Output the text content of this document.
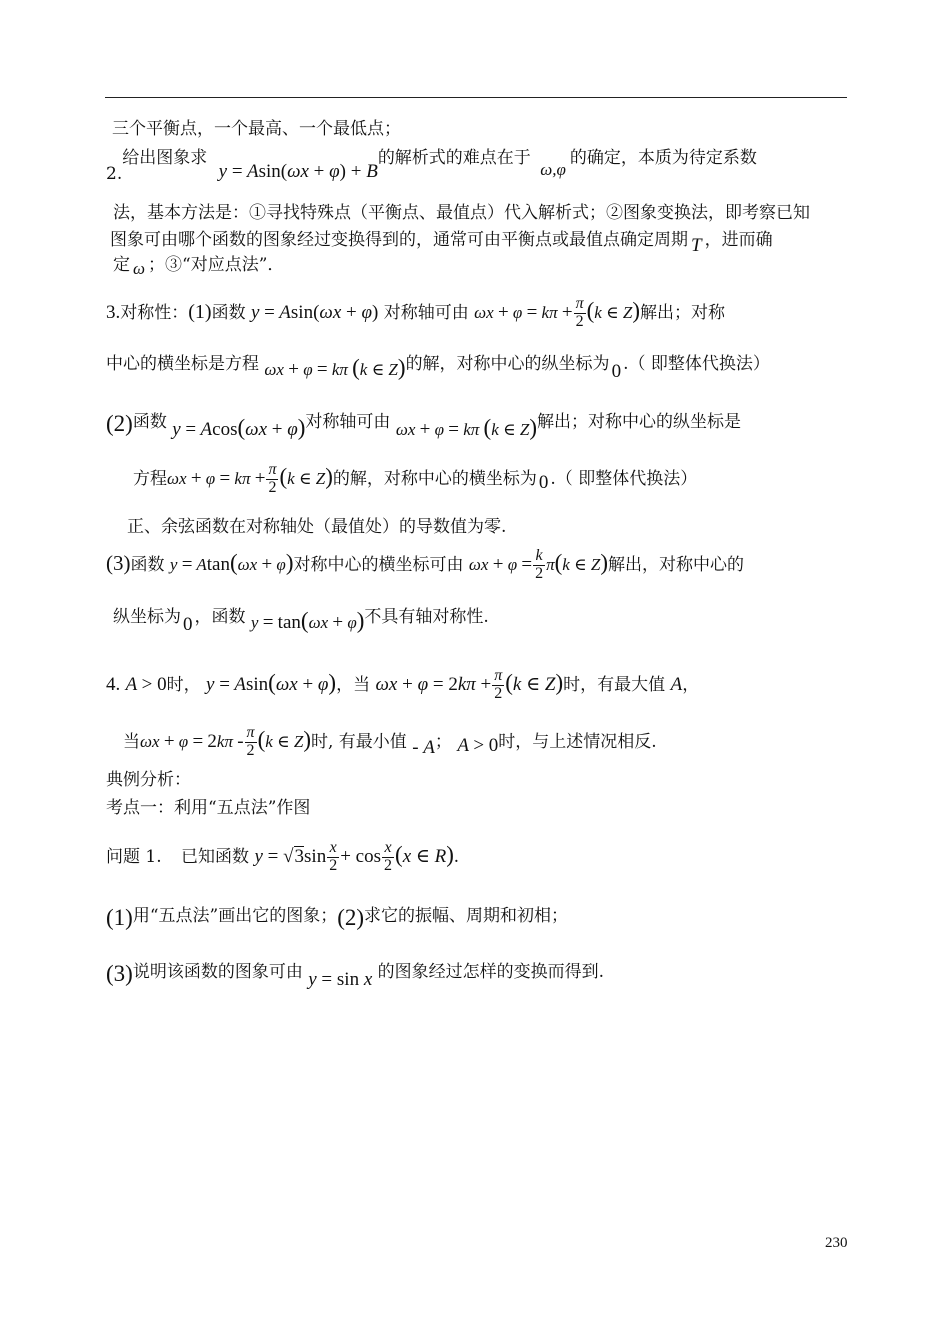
三个平衡点，一个最高、一个最低点；
2.给出图象求 y = Asin(ωx + φ) + B的解析式的难点在于 ω,φ的确定，本质为待定系数
法，基本方法是：①寻找特殊点（平衡点、最值点）代入解析式；②图象变换法，即考察已知
图象可由哪个函数的图象经过变换得到的，通常可由平衡点或最值点确定周期 T ，进而确
定 ω ；③“对应点法”．
3.对称性：(1)函数 y = Asin(ωx + φ) 对称轴可由 $\omega x + \varphi = k\pi + \frac{\pi}{2} (k$ ∈ Z)解出；对称
中心的横坐标是方程 ωx + φ = kπ (k ∈ Z)的解，对称中心的纵坐标为 0 .（ 即整体代换法）
(2)函数 y = Acos(ωx + φ)对称轴可由 ωx + φ = kπ (k ∈ Z)解出；对称中心的纵坐标是
方程$\omega x + \varphi = k\pi + \frac{\pi}{2} (k$ ∈ Z)的解，对称中心的横坐标为 0 .（ 即整体代换法）
正、余弦函数在对称轴处（最值处）的导数值为零.
(3)函数 y = Atan(ωx + φ)对称中心的横坐标可由 $\omega x + \varphi = \frac{k}{2} \pi(k$ ∈ Z)解出，对称中心的
纵坐标为 0 ，函数 y = tan(ωx + φ)不具有轴对称性.
4. A > 0时， y = Asin(ωx + φ)，当 $\omega x + \varphi = 2k\pi + \frac{\pi}{2} (k$ ∈ Z)时，有最大值 A，
当$\omega x + \varphi = 2k\pi - \frac{\pi}{2} (k$ ∈ Z)时, 有最小值 - A； A > 0时，与上述情况相反.
典例分析：
考点一：利用“五点法”作图
问题 1. 已知函数 $y = √3\sin \frac{x}{2} + \cos \frac{x}{2} (x$ ∈ R).
(1)用“五点法”画出它的图象；(2)求它的振幅、周期和初相；
(3)说明该函数的图象可由 y = sin x 的图象经过怎样的变换而得到.
230
